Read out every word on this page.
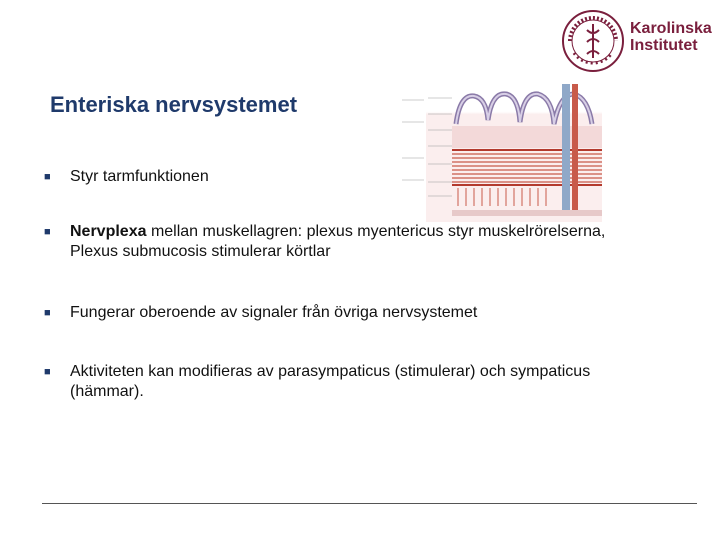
Enteriska nervsystemet
Karolinska
Institutet
■	Styr tarmfunktionen
■	Nervplexa mellan muskellagren: plexus myentericus styr muskelrörelserna, Plexus submucosis stimulerar körtlar
■	Fungerar oberoende av signaler från övriga nervsystemet
■	Aktiviteten kan modifieras av parasympaticus (stimulerar) och sympaticus (hämmar).
